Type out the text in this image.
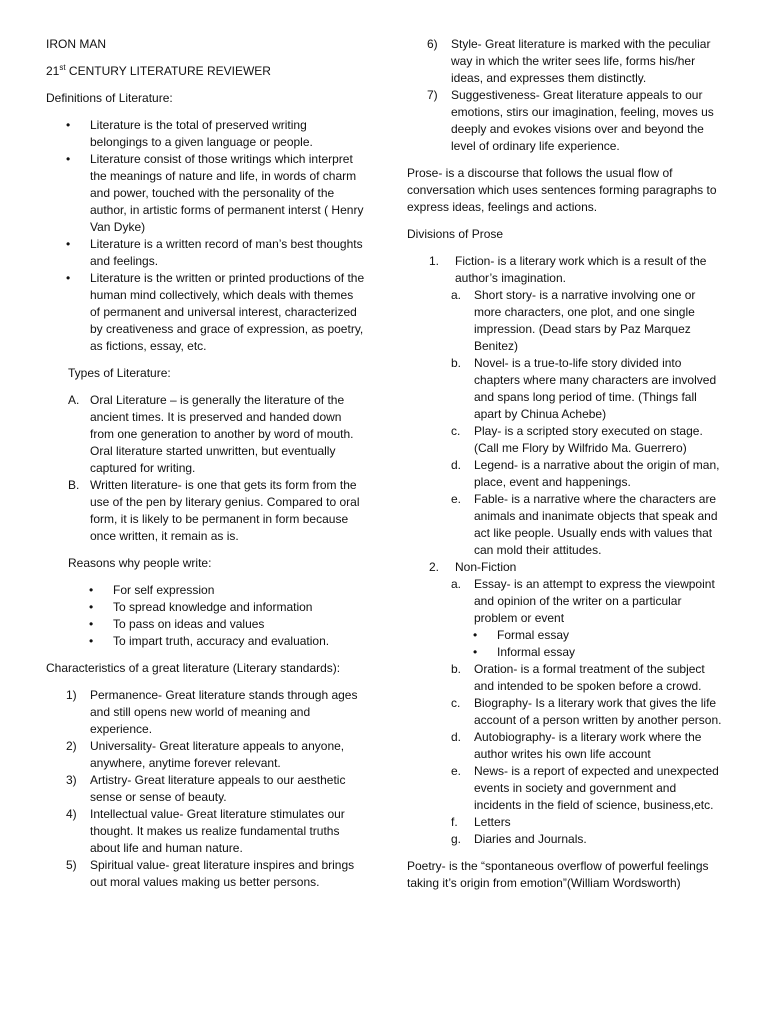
IRON MAN

21st CENTURY LITERATURE REVIEWER

Definitions of Literature:

• Literature is the total of preserved writing belongings to a given language or people.
• Literature consist of those writings which interpret the meanings of nature and life, in words of charm and power, touched with the personality of the author, in artistic forms of permanent interst ( Henry Van Dyke)
• Literature is a written record of man’s best thoughts and feelings.
• Literature is the written or printed productions of the human mind collectively, which deals with themes of permanent and universal interest, characterized by creativeness and grace of expression, as poetry, as fictions, essay, etc.

Types of Literature:

A. Oral Literature – is generally the literature of the ancient times. It is preserved and handed down from one generation to another by word of mouth. Oral literature started unwritten, but eventually captured for writing.
B. Written literature- is one that gets its form from the use of the pen by literary genius. Compared to oral form, it is likely to be permanent in form because once written, it remain as is.

Reasons why people write:

• For self expression
• To spread knowledge and information
• To pass on ideas and values
• To impart truth, accuracy and evaluation.

Characteristics of a great literature (Literary standards):

1) Permanence- Great literature stands through ages and still opens new world of meaning and experience.
2) Universality- Great literature appeals to anyone, anywhere, anytime forever relevant.
3) Artistry- Great literature appeals to our aesthetic sense or sense of beauty.
4) Intellectual value- Great literature stimulates our thought. It makes us realize fundamental truths about life and human nature.
5) Spiritual value- great literature inspires and brings out moral values making us better persons.
6) Style- Great literature is marked with the peculiar way in which the writer sees life, forms his/her ideas, and expresses them distinctly.
7) Suggestiveness- Great literature appeals to our emotions, stirs our imagination, feeling, moves us deeply and evokes visions over and beyond the level of ordinary life experience.

Prose- is a discourse that follows the usual flow of conversation which uses sentences forming paragraphs to express ideas, feelings and actions.

Divisions of Prose

1. Fiction- is a literary work which is a result of the author’s imagination.
a. Short story- is a narrative involving one or more characters, one plot, and one single impression. (Dead stars by Paz Marquez Benitez)
b. Novel- is a true-to-life story divided into chapters where many characters are involved and spans long period of time. (Things fall apart by Chinua Achebe)
c. Play- is a scripted story executed on stage. (Call me Flory by Wilfrido Ma. Guerrero)
d. Legend- is a narrative about the origin of man, place, event and happenings.
e. Fable- is a narrative where the characters are animals and inanimate objects that speak and act like people. Usually ends with values that can mold their attitudes.
2. Non-Fiction
a. Essay- is an attempt to express the viewpoint and opinion of the writer on a particular problem or event
• Formal essay
• Informal essay
b. Oration- is a formal treatment of the subject and intended to be spoken before a crowd.
c. Biography- Is a literary work that gives the life account of a person written by another person.
d. Autobiography- is a literary work where the author writes his own life account
e. News- is a report of expected and unexpected events in society and government and incidents in the field of science, business,etc.
f. Letters
g. Diaries and Journals.

Poetry- is the “spontaneous overflow of powerful feelings taking it’s origin from emotion”(William Wordsworth)
